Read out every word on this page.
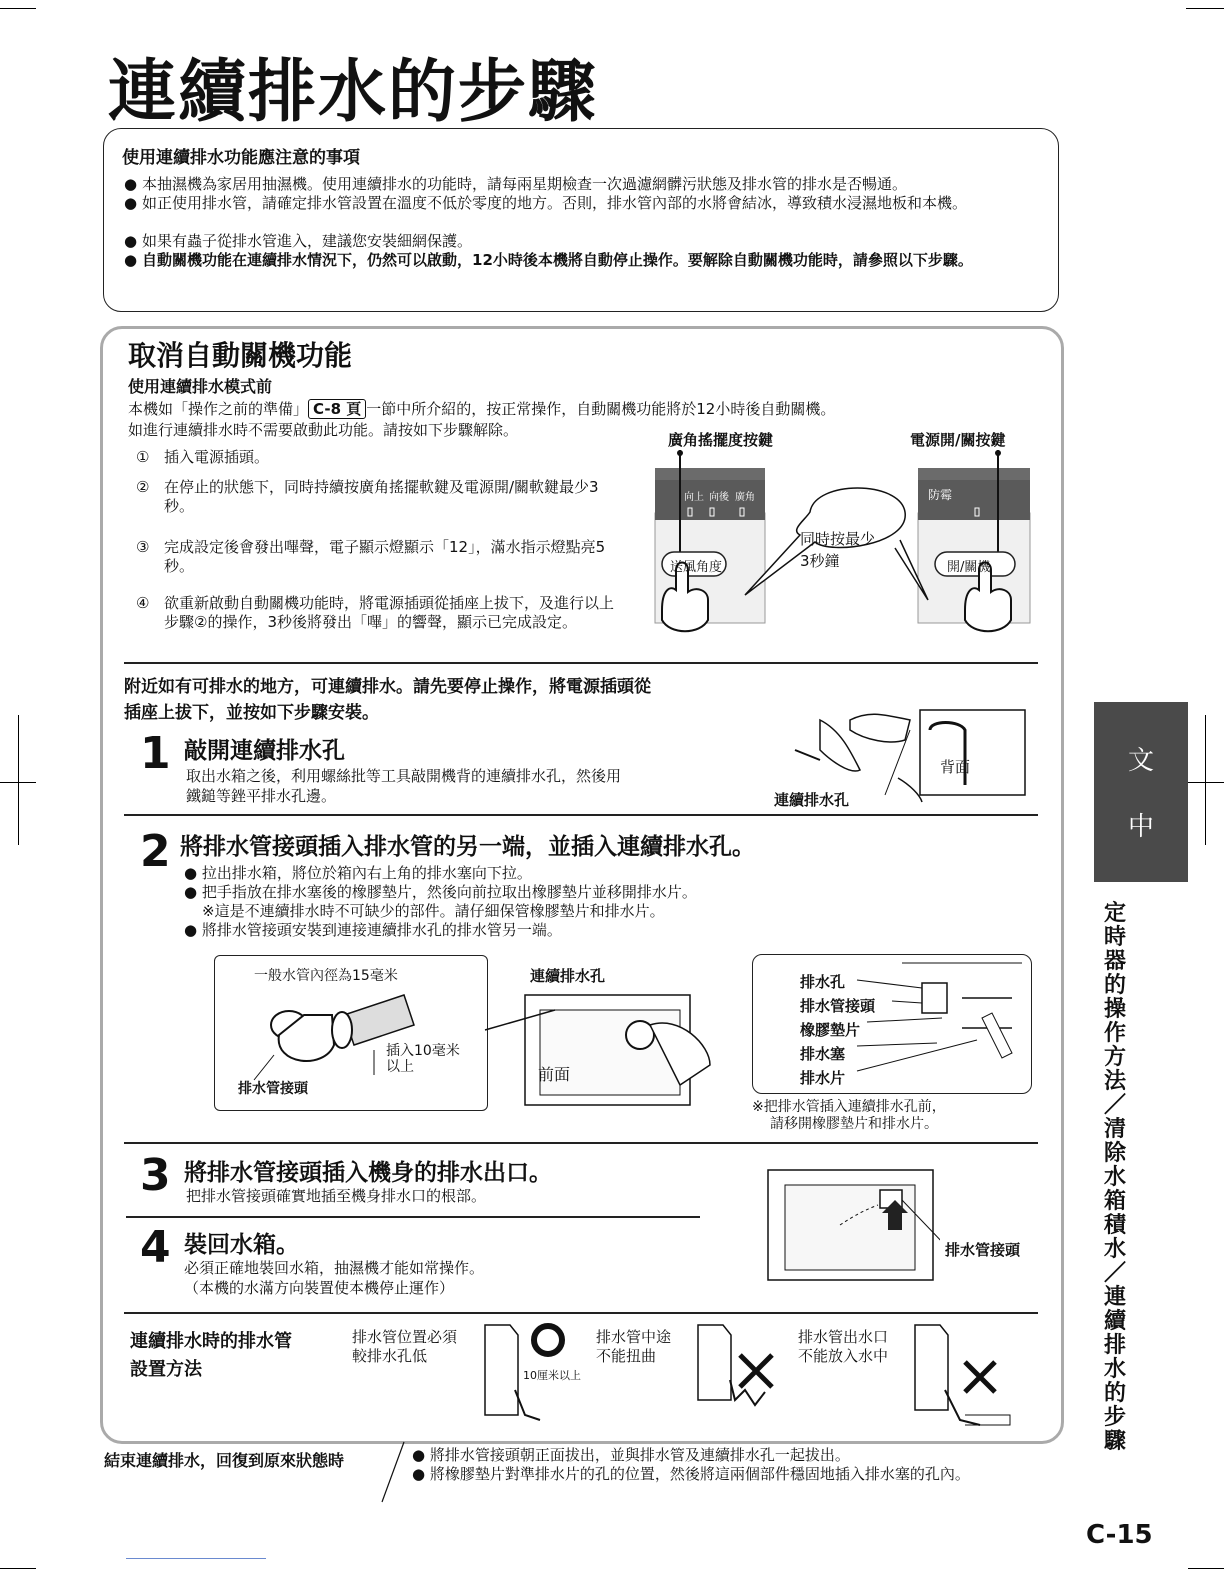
連續排水的步驟
使用連續排水功能應注意的事項
● 本抽濕機為家居用抽濕機。使用連續排水的功能時，請每兩星期檢查一次過濾網髒污狀態及排水管的排水是否暢通。
● 如正使用排水管，請確定排水管設置在溫度不低於零度的地方。否則，排水管內部的水將會結冰，導致積水浸濕地板和本機。
● 如果有蟲子從排水管進入，建議您安裝細網保護。
● 自動關機功能在連續排水情況下，仍然可以啟動，12小時後本機將自動停止操作。要解除自動關機功能時，請參照以下步驟。
取消自動關機功能
使用連續排水模式前
本機如「操作之前的準備」 C-8 頁 一節中所介紹的，按正常操作，自動關機功能將於12小時後自動關機。
如進行連續排水時不需要啟動此功能。請按如下步驟解除。
① 插入電源插頭。
② 在停止的狀態下，同時持續按廣角搖擺軟鍵及電源開/關軟鍵最少3秒。
③ 完成設定後會發出嗶聲，電子顯示燈顯示「12」，滿水指示燈點亮5秒。
④ 欲重新啟動自動關機功能時，將電源插頭從插座上拔下，及進行以上步驟②的操作，3秒後將發出「嗶」的響聲，顯示已完成設定。
廣角搖擺度按鍵	電源開/關按鍵
向上 向後 廣角	防霉
送風角度	開/關機
同時按最少
3秒鐘
附近如有可排水的地方，可連續排水。請先要停止操作，將電源插頭從
插座上拔下，並按如下步驟安裝。
1 敲開連續排水孔
取出水箱之後，利用螺絲批等工具敲開機背的連續排水孔，然後用
鐵鎚等銼平排水孔邊。
背面
連續排水孔
2 將排水管接頭插入排水管的另一端，並插入連續排水孔。
● 拉出排水箱，將位於箱內右上角的排水塞向下拉。
● 把手指放在排水塞後的橡膠墊片，然後向前拉取出橡膠墊片並移開排水片。
※這是不連續排水時不可缺少的部件。請仔細保管橡膠墊片和排水片。
● 將排水管接頭安裝到連接連續排水孔的排水管另一端。
一般水管內徑為15毫米
插入10毫米
以上
排水管接頭
連續排水孔
前面
排水孔
排水管接頭
橡膠墊片
排水塞
排水片
※把排水管插入連續排水孔前，
請移開橡膠墊片和排水片。
3 將排水管接頭插入機身的排水出口。
把排水管接頭確實地插至機身排水口的根部。
排水管接頭
4 裝回水箱。
必須正確地裝回水箱，抽濕機才能如常操作。
（本機的水滿方向裝置使本機停止運作）
連續排水時的排水管
設置方法
排水管位置必須
較排水孔低
排水管中途
不能扭曲
排水管出水口
不能放入水中
10厘米以上
結束連續排水，回復到原來狀態時	● 將排水管接頭朝正面拔出，並與排水管及連續排水孔一起拔出。
● 將橡膠墊片對準排水片的孔的位置，然後將這兩個部件穩固地插入排水塞的孔內。
文
中
定時器的操作方法／清除水箱積水／連續排水的步驟
C-15
